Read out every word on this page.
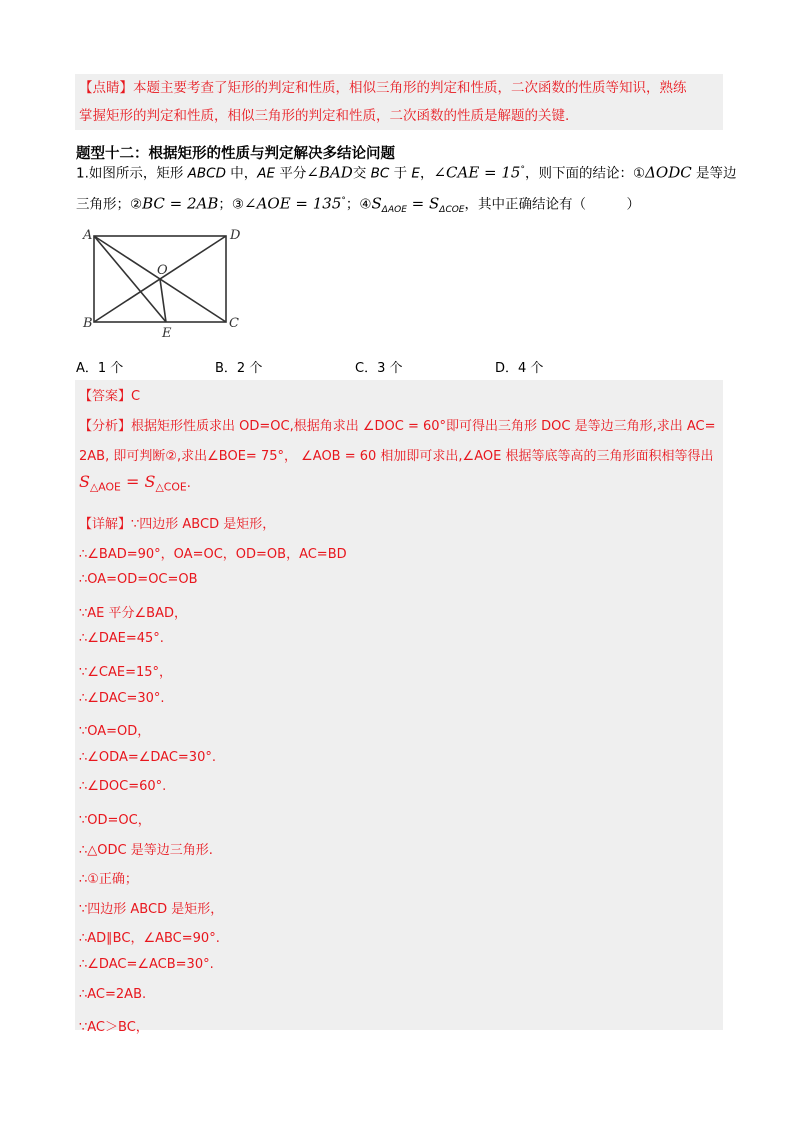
【点睛】本题主要考查了矩形的判定和性质，相似三角形的判定和性质，二次函数的性质等知识，熟练

掌握矩形的判定和性质，相似三角形的判定和性质，二次函数的性质是解题的关键.

题型十二：根据矩形的性质与判定解决多结论问题
1.如图所示，矩形 ABCD 中，AE 平分∠BAD交 BC 于 E，∠CAE = 15°，则下面的结论：①ΔODC 是等边
三角形；②BC = 2AB；③∠AOE = 135°；$④S_{\Delta AOE} = S_{\Delta COE}$，其中正确结论有（　　　）
A	D
O
B	C
E
A．1 个	B．2 个	C．3 个	D．4 个
【答案】C
【分析】根据矩形性质求出 OD=OC,根据角求出 ∠DOC = 60°即可得出三角形 DOC 是等边三角形,求出 AC=
2AB, 即可判断②,求出∠BOE= 75°， ∠AOB = 60 相加即可求出,∠AOE 根据等底等高的三角形面积相等得出
$S_{\triangle AOE} = S_{\triangle COE}$.
【详解】∵四边形 ABCD 是矩形，
∴∠BAD=90°，OA=OC，OD=OB，AC=BD
∴OA=OD=OC=OB
∵AE 平分∠BAD，
∴∠DAE=45°.
∵∠CAE=15°，
∴∠DAC=30°.
∵OA=OD，
∴∠ODA=∠DAC=30°.
∴∠DOC=60°.
∵OD=OC，
∴△ODC 是等边三角形.
∴①正确；
∵四边形 ABCD 是矩形，
∴AD∥BC，∠ABC=90°.
∴∠DAC=∠ACB=30°.
∴AC=2AB.
∵AC＞BC，
